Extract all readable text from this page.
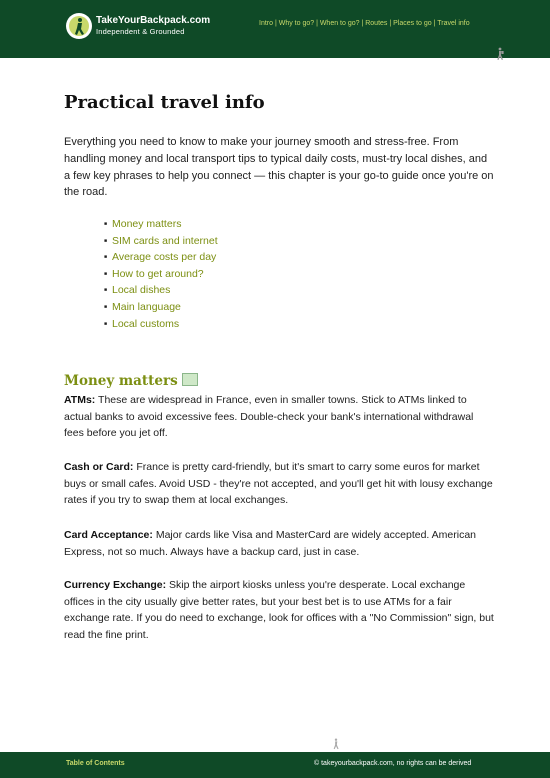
TakeYourBackpack.com
Independent & Grounded
Intro | Why to go? | When to go? | Routes | Places to go | Travel info
Practical travel info

Everything you need to know to make your journey smooth and stress-free. From handling money and local transport tips to typical daily costs, must-try local dishes, and a few key phrases to help you connect — this chapter is your go-to guide once you're on the road.

■ Money matters
■ SIM cards and internet
■ Average costs per day
■ How to get around?
■ Local dishes
■ Main language
■ Local customs
Money matters

ATMs: These are widespread in France, even in smaller towns. Stick to ATMs linked to actual banks to avoid excessive fees. Double-check your bank's international withdrawal fees before you jet off.

Cash or Card: France is pretty card-friendly, but it's smart to carry some euros for market buys or small cafes. Avoid USD - they're not accepted, and you'll get hit with lousy exchange rates if you try to swap them at local exchanges.

Card Acceptance: Major cards like Visa and MasterCard are widely accepted. American Express, not so much. Always have a backup card, just in case.

Currency Exchange: Skip the airport kiosks unless you're desperate. Local exchange offices in the city usually give better rates, but your best bet is to use ATMs for a fair exchange rate. If you do need to exchange, look for offices with a "No Commission" sign, but read the fine print.

Table of Contents	© takeyourbackpack.com, no rights can be derived
